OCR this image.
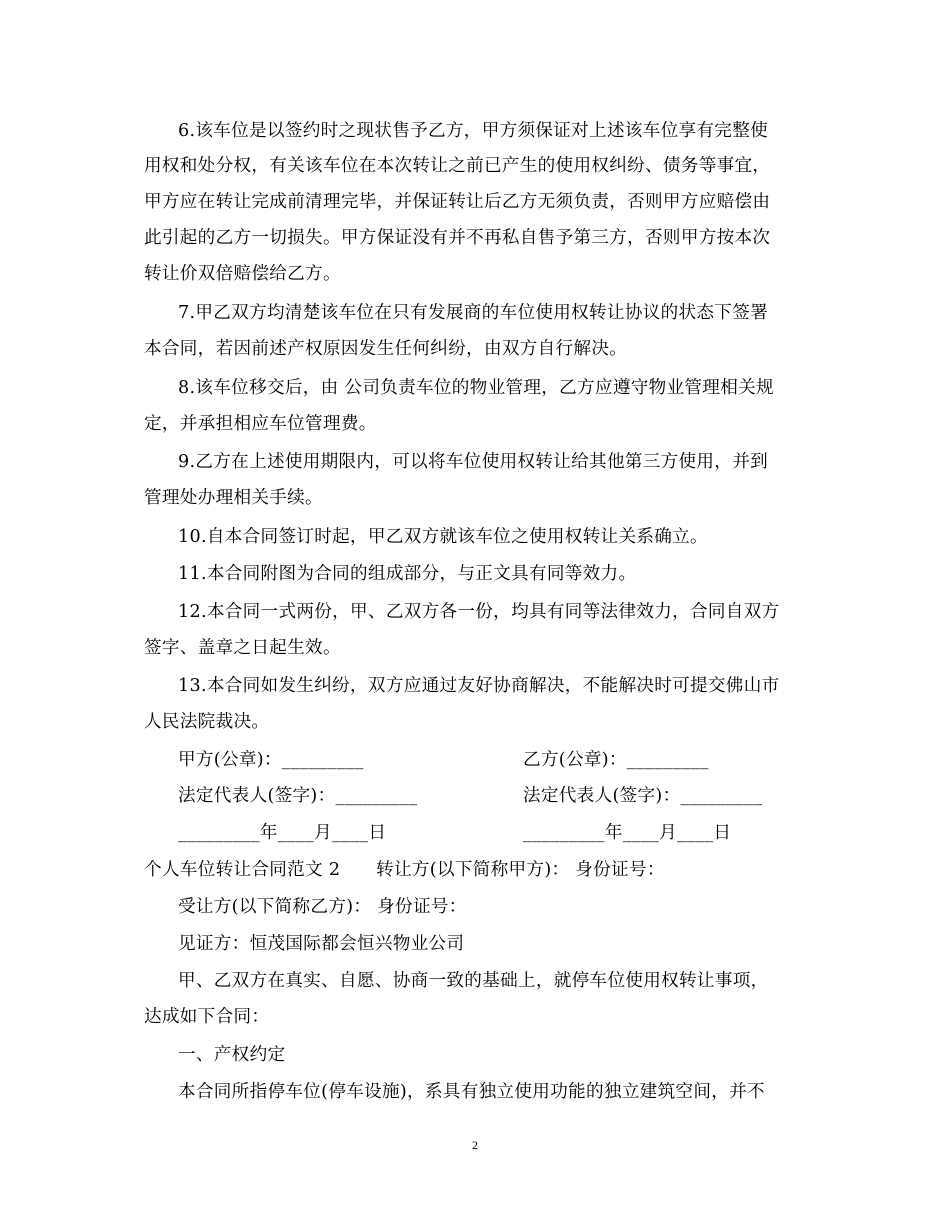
6.该车位是以签约时之现状售予乙方，甲方须保证对上述该车位享有完整使
用权和处分权，有关该车位在本次转让之前已产生的使用权纠纷、债务等事宜，
甲方应在转让完成前清理完毕，并保证转让后乙方无须负责，否则甲方应赔偿由
此引起的乙方一切损失。甲方保证没有并不再私自售予第三方，否则甲方按本次
转让价双倍赔偿给乙方。
7.甲乙双方均清楚该车位在只有发展商的车位使用权转让协议的状态下签署
本合同，若因前述产权原因发生任何纠纷，由双方自行解决。
8.该车位移交后，由 公司负责车位的物业管理，乙方应遵守物业管理相关规
定，并承担相应车位管理费。
9.乙方在上述使用期限内，可以将车位使用权转让给其他第三方使用，并到
管理处办理相关手续。
10.自本合同签订时起，甲乙双方就该车位之使用权转让关系确立。
11.本合同附图为合同的组成部分，与正文具有同等效力。
12.本合同一式两份，甲、乙双方各一份，均具有同等法律效力，合同自双方
签字、盖章之日起生效。
13.本合同如发生纠纷，双方应通过友好协商解决，不能解决时可提交佛山市
人民法院裁决。
甲方(公章)：_________	乙方(公章)：_________
法定代表人(签字)：_________	法定代表人(签字)：_________
_________年____月____日	_________年____月____日
个人车位转让合同范文 2　　转让方(以下简称甲方)： 身份证号：
受让方(以下简称乙方)： 身份证号：
见证方：恒茂国际都会恒兴物业公司
甲、乙双方在真实、自愿、协商一致的基础上，就停车位使用权转让事项，
达成如下合同：
一、产权约定
本合同所指停车位(停车设施)，系具有独立使用功能的独立建筑空间，并不
2
